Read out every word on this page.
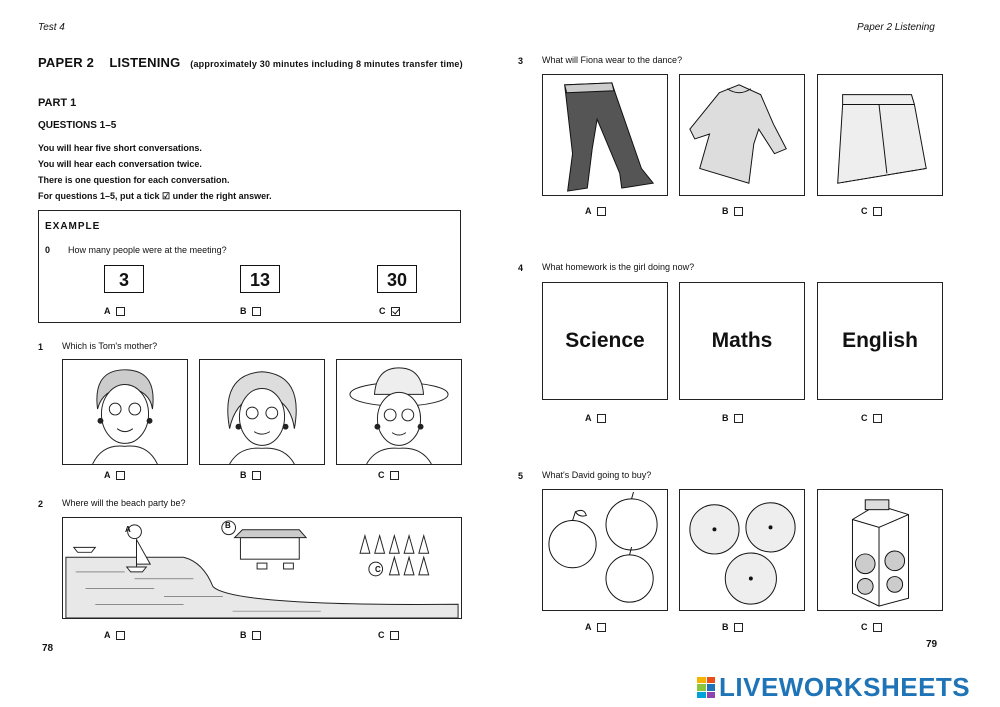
Test 4	Paper 2 Listening
PAPER 2    LISTENING (approximately 30 minutes including 8 minutes transfer time)
PART 1
QUESTIONS 1–5
You will hear five short conversations.
You will hear each conversation twice.
There is one question for each conversation.
For questions 1–5, put a tick ☑ under the right answer.
EXAMPLE
0 How many people were at the meeting?
3	13	30
A	B	C
1 Which is Tom's mother?
A	B	C
2 Where will the beach party be?
A	B
C
A	B	C
78
3 What will Fiona wear to the dance?
A	B	C
4 What homework is the girl doing now?
Science	Maths	English
A	B	C
5 What's David going to buy?
A	B	C
79
LIVEWORKSHEETS
